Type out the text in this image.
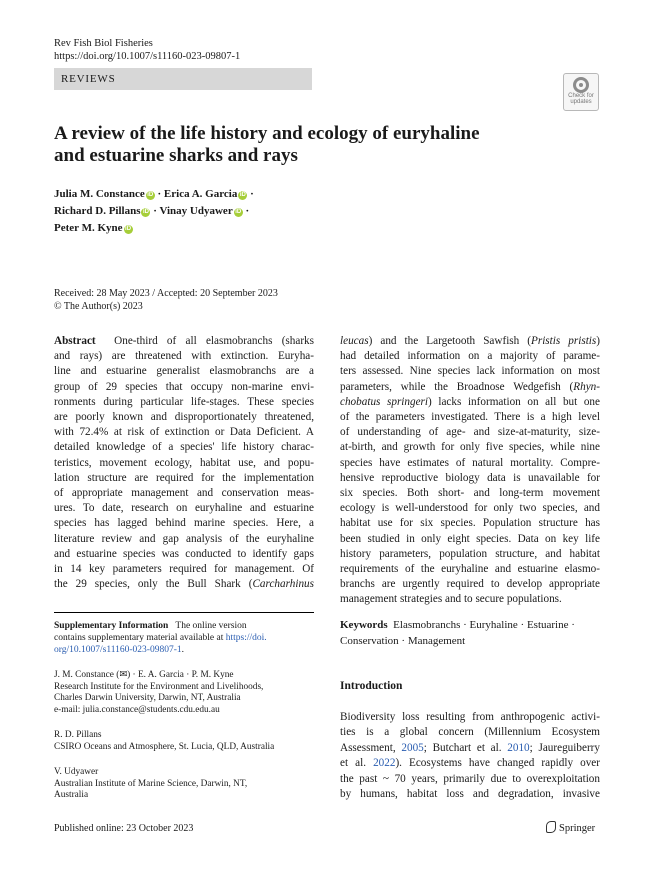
Rev Fish Biol Fisheries
https://doi.org/10.1007/s11160-023-09807-1
REVIEWS
Check for
updates
A review of the life history and ecology of euryhaline
and estuarine sharks and rays
Julia M. Constance iD · Erica A. Garcia iD ·
Richard D. Pillans iD · Vinay Udyawer iD ·
Peter M. Kyne iD
Received: 28 May 2023 / Accepted: 20 September 2023
© The Author(s) 2023
Abstract One-third of all elasmobranchs (sharks
and rays) are threatened with extinction. Euryha-
line and estuarine generalist elasmobranchs are a
group of 29 species that occupy non-marine envi-
ronments during particular life-stages. These species
are poorly known and disproportionately threatened,
with 72.4% at risk of extinction or Data Deficient. A
detailed knowledge of a species' life history charac-
teristics, movement ecology, habitat use, and popu-
lation structure are required for the implementation
of appropriate management and conservation meas-
ures. To date, research on euryhaline and estuarine
species has lagged behind marine species. Here, a
literature review and gap analysis of the euryhaline
and estuarine species was conducted to identify gaps
in 14 key parameters required for management. Of
the 29 species, only the Bull Shark (Carcharhinus
leucas) and the Largetooth Sawfish (Pristis pristis)
had detailed information on a majority of parame-
ters assessed. Nine species lack information on most
parameters, while the Broadnose Wedgefish (Rhyn-
chobatus springeri) lacks information on all but one
of the parameters investigated. There is a high level
of understanding of age- and size-at-maturity, size-
at-birth, and growth for only five species, while nine
species have estimates of natural mortality. Compre-
hensive reproductive biology data is unavailable for
six species. Both short- and long-term movement
ecology is well-understood for only two species, and
habitat use for six species. Population structure has
been studied in only eight species. Data on key life
history parameters, population structure, and habitat
requirements of the euryhaline and estuarine elasmo-
branchs are urgently required to develop appropriate
management strategies and to secure populations.
Supplementary Information The online version
contains supplementary material available at https://doi.
org/10.1007/s11160-023-09807-1.
J. M. Constance (✉) · E. A. Garcia · P. M. Kyne
Research Institute for the Environment and Livelihoods,
Charles Darwin University, Darwin, NT, Australia
e-mail: julia.constance@students.cdu.edu.au
R. D. Pillans
CSIRO Oceans and Atmosphere, St. Lucia, QLD, Australia
V. Udyawer
Australian Institute of Marine Science, Darwin, NT,
Australia
Keywords Elasmobranchs · Euryhaline · Estuarine ·
Conservation · Management
Introduction
Biodiversity loss resulting from anthropogenic activi-
ties is a global concern (Millennium Ecosystem
Assessment, 2005; Butchart et al. 2010; Jaureguiberry
et al. 2022). Ecosystems have changed rapidly over
the past ~ 70 years, primarily due to overexploitation
by humans, habitat loss and degradation, invasive
Published online: 23 October 2023	Springer
